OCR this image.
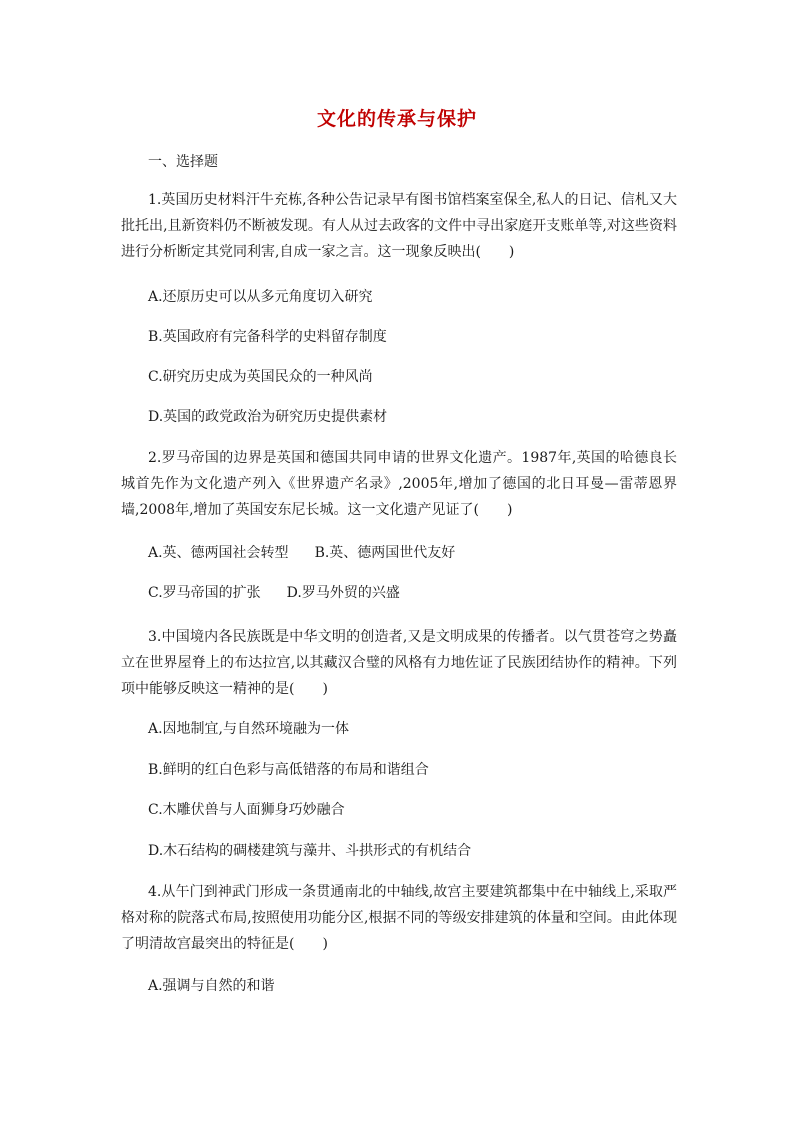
文化的传承与保护
一、选择题
1.英国历史材料汗牛充栋,各种公告记录早有图书馆档案室保全,私人的日记、信札又大批托出,且新资料仍不断被发现。有人从过去政客的文件中寻出家庭开支账单等,对这些资料进行分析断定其党同利害,自成一家之言。这一现象反映出(　　)
A.还原历史可以从多元角度切入研究
B.英国政府有完备科学的史料留存制度
C.研究历史成为英国民众的一种风尚
D.英国的政党政治为研究历史提供素材
2.罗马帝国的边界是英国和德国共同申请的世界文化遗产。1987年,英国的哈德良长城首先作为文化遗产列入《世界遗产名录》,2005年,增加了德国的北日耳曼—雷蒂恩界墙,2008年,增加了英国安东尼长城。这一文化遗产见证了(　　)
A.英、德两国社会转型 B.英、德两国世代友好
C.罗马帝国的扩张 D.罗马外贸的兴盛
3.中国境内各民族既是中华文明的创造者,又是文明成果的传播者。以气贯苍穹之势矗立在世界屋脊上的布达拉宫,以其藏汉合璧的风格有力地佐证了民族团结协作的精神。下列项中能够反映这一精神的是(　　)
A.因地制宜,与自然环境融为一体
B.鲜明的红白色彩与高低错落的布局和谐组合
C.木雕伏兽与人面狮身巧妙融合
D.木石结构的碉楼建筑与藻井、斗拱形式的有机结合
4.从午门到神武门形成一条贯通南北的中轴线,故宫主要建筑都集中在中轴线上,采取严格对称的院落式布局,按照使用功能分区,根据不同的等级安排建筑的体量和空间。由此体现了明清故宫最突出的特征是(　　)
A.强调与自然的和谐
